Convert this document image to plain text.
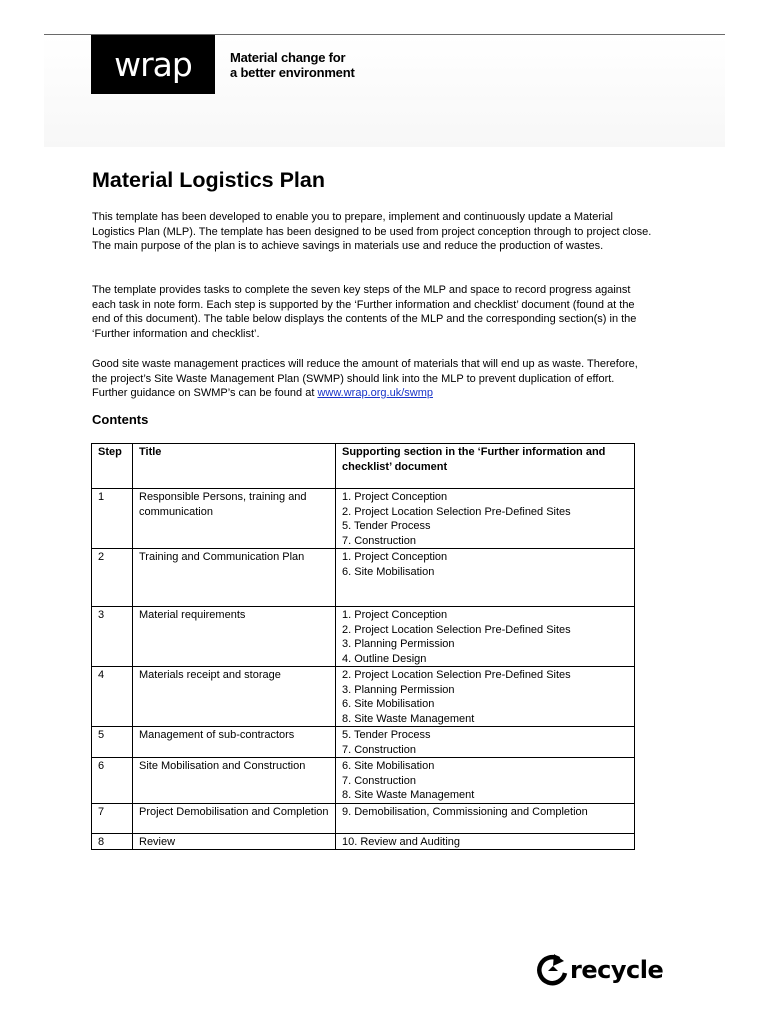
wrap	Material change for
a better environment
Material Logistics Plan

This template has been developed to enable you to prepare, implement and continuously update a Material Logistics Plan (MLP). The template has been designed to be used from project conception through to project close. The main purpose of the plan is to achieve savings in materials use and reduce the production of wastes.

The template provides tasks to complete the seven key steps of the MLP and space to record progress against each task in note form. Each step is supported by the ‘Further information and checklist’ document (found at the end of this document). The table below displays the contents of the MLP and the corresponding section(s) in the ‘Further information and checklist’.

Good site waste management practices will reduce the amount of materials that will end up as waste. Therefore, the project’s Site Waste Management Plan (SWMP) should link into the MLP to prevent duplication of effort. Further guidance on SWMP’s can be found at www.wrap.org.uk/swmp

Contents
Step	Title	Supporting section in the ‘Further information and checklist’ document
1	Responsible Persons, training and communication	1. Project Conception
2. Project Location Selection Pre-Defined Sites
5. Tender Process
7. Construction

2	Training and Communication Plan	1. Project Conception
6. Site Mobilisation

3	Material requirements	1. Project Conception
2. Project Location Selection Pre-Defined Sites
3. Planning Permission
4. Outline Design

4	Materials receipt and storage	2. Project Location Selection Pre-Defined Sites
3. Planning Permission
6. Site Mobilisation
8. Site Waste Management

5	Management of sub-contractors	5. Tender Process
7. Construction

6	Site Mobilisation and Construction	6. Site Mobilisation
7. Construction
8. Site Waste Management

7	Project Demobilisation and Completion	9. Demobilisation, Commissioning and Completion

8	Review	10. Review and Auditing
recycle
